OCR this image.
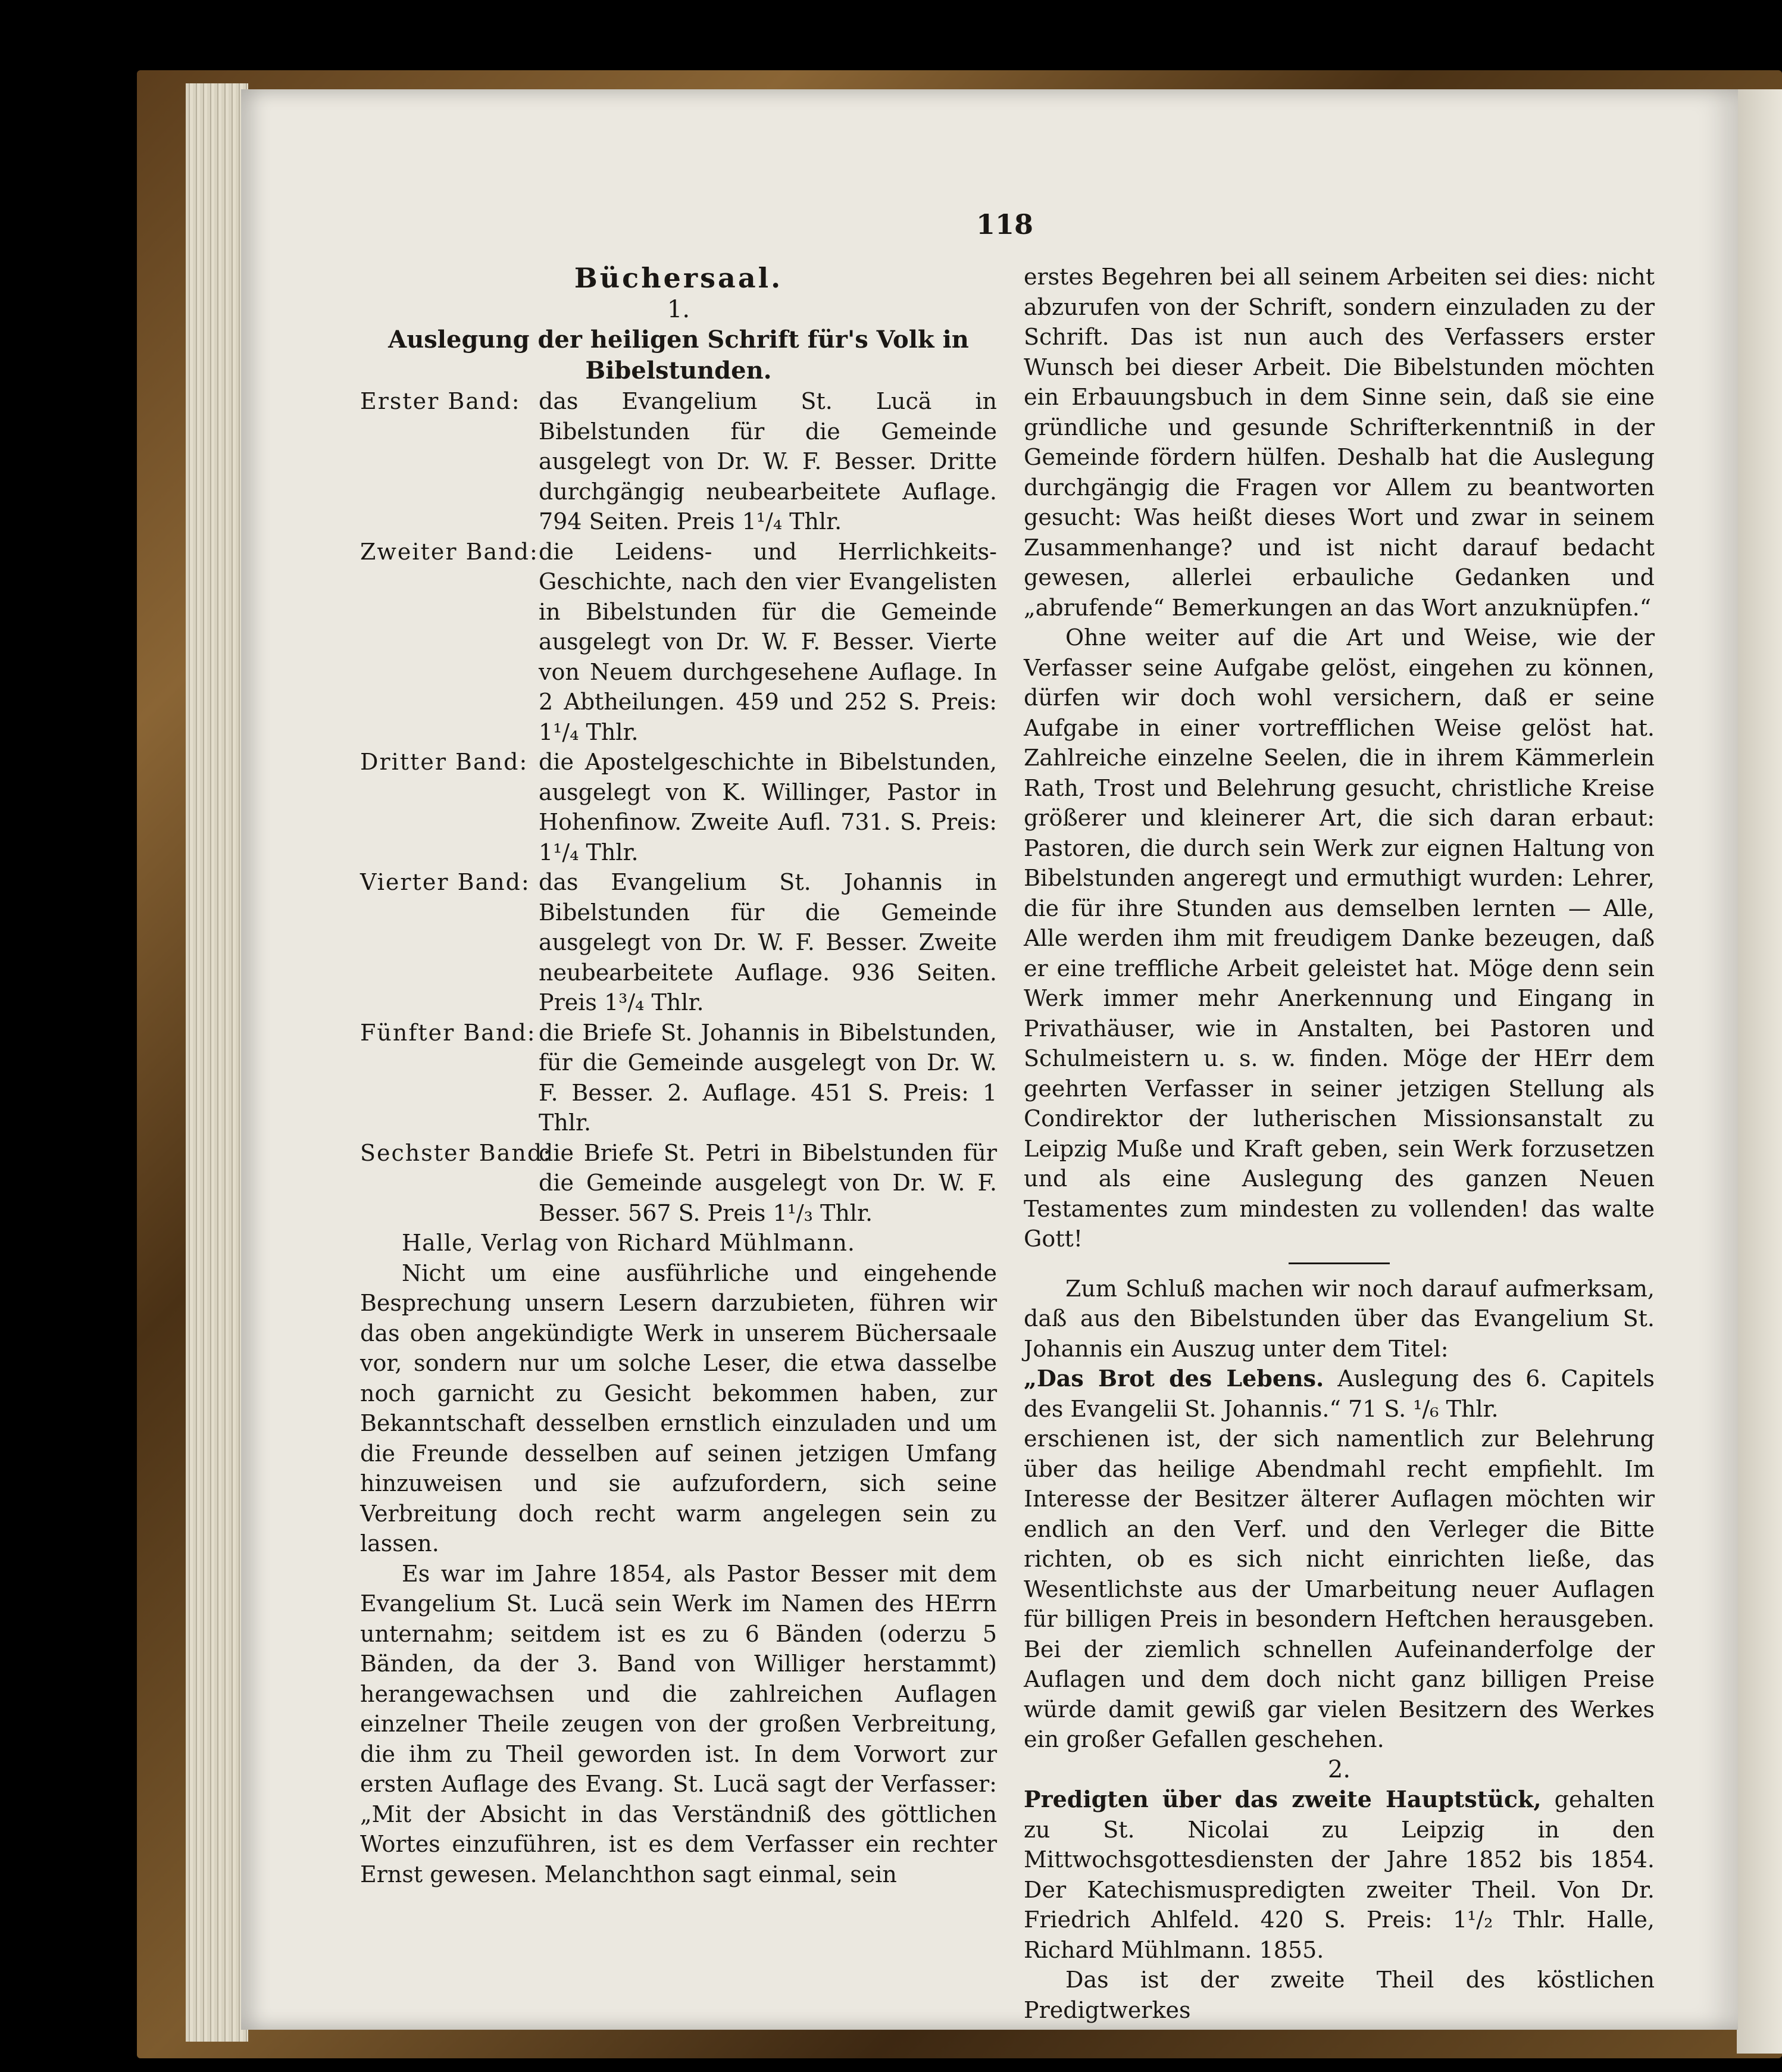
118
Büchersaal.
1.
Auslegung der heiligen Schrift für's Volk in Bibelstunden.
Erster Band: das Evangelium St. Lucä in Bibelstunden für die Gemeinde ausgelegt von Dr. W. F. Besser. Dritte durchgängig neubearbeitete Auflage. 794 Seiten. Preis 1¹/₄ Thlr.
Zweiter Band: die Leidens- und Herrlichkeits-Geschichte, nach den vier Evangelisten in Bibelstunden für die Gemeinde ausgelegt von Dr. W. F. Besser. Vierte von Neuem durchgesehene Auflage. In 2 Abtheilungen. 459 und 252 S. Preis: 1¹/₄ Thlr.
Dritter Band: die Apostelgeschichte in Bibelstunden, ausgelegt von K. Willinger, Pastor in Hohenfinow. Zweite Aufl. 731. S. Preis: 1¹/₄ Thlr.
Vierter Band: das Evangelium St. Johannis in Bibelstunden für die Gemeinde ausgelegt von Dr. W. F. Besser. Zweite neubearbeitete Auflage. 936 Seiten. Preis 1³/₄ Thlr.
Fünfter Band: die Briefe St. Johannis in Bibelstunden, für die Gemeinde ausgelegt von Dr. W. F. Besser. 2. Auflage. 451 S. Preis: 1 Thlr.
Sechster Band:
die Briefe St. Petri in Bibelstunden für die Gemeinde ausgelegt von Dr. W. F. Besser. 567 S. Preis 1¹/₃ Thlr.
Halle, Verlag von Richard Mühlmann.

Nicht um eine ausführliche und eingehende Besprechung unsern Lesern darzubieten, führen wir das oben angekündigte Werk in unserem Büchersaale vor, sondern nur um solche Leser, die etwa dasselbe noch garnicht zu Gesicht bekommen haben, zur Bekanntschaft desselben ernstlich einzuladen und um die Freunde desselben auf seinen jetzigen Umfang hinzuweisen und sie aufzufordern, sich seine Verbreitung doch recht warm angelegen sein zu lassen.

Es war im Jahre 1854, als Pastor Besser mit dem Evangelium St. Lucä sein Werk im Namen des HErrn unternahm; seitdem ist es zu 6 Bänden (oderzu 5 Bänden, da der 3. Band von Williger herstammt) herangewachsen und die zahlreichen Auflagen einzelner Theile zeugen von der großen Verbreitung, die ihm zu Theil geworden ist. In dem Vorwort zur ersten Auflage des Evang. St. Lucä sagt der Verfasser: „Mit der Absicht in das Verständniß des göttlichen Wortes einzuführen, ist es dem Verfasser ein rechter Ernst gewesen. Melanchthon sagt einmal, sein

erstes Begehren bei all seinem Arbeiten sei dies: nicht abzurufen von der Schrift, sondern einzuladen zu der Schrift. Das ist nun auch des Verfassers erster Wunsch bei dieser Arbeit. Die Bibelstunden möchten ein Erbauungsbuch in dem Sinne sein, daß sie eine gründliche und gesunde Schrifterkenntniß in der Gemeinde fördern hülfen. Deshalb hat die Auslegung durchgängig die Fragen vor Allem zu beantworten gesucht: Was heißt dieses Wort und zwar in seinem Zusammenhange? und ist nicht darauf bedacht gewesen, allerlei erbauliche Gedanken und „abrufende“ Bemerkungen an das Wort anzuknüpfen.“

Ohne weiter auf die Art und Weise, wie der Verfasser seine Aufgabe gelöst, eingehen zu können, dürfen wir doch wohl versichern, daß er seine Aufgabe in einer vortrefflichen Weise gelöst hat. Zahlreiche einzelne Seelen, die in ihrem Kämmerlein Rath, Trost und Belehrung gesucht, christliche Kreise größerer und kleinerer Art, die sich daran erbaut: Pastoren, die durch sein Werk zur eignen Haltung von Bibelstunden angeregt und ermuthigt wurden: Lehrer, die für ihre Stunden aus demselben lernten — Alle, Alle werden ihm mit freudigem Danke bezeugen, daß er eine treffliche Arbeit geleistet hat. Möge denn sein Werk immer mehr Anerkennung und Eingang in Privathäuser, wie in Anstalten, bei Pastoren und Schulmeistern u. s. w. finden. Möge der HErr dem geehrten Verfasser in seiner jetzigen Stellung als Condirektor der lutherischen Missionsanstalt zu Leipzig Muße und Kraft geben, sein Werk forzusetzen und als eine Auslegung des ganzen Neuen Testamentes zum mindesten zu vollenden! das walte Gott!

Zum Schluß machen wir noch darauf aufmerksam, daß aus den Bibelstunden über das Evangelium St. Johannis ein Auszug unter dem Titel:

„Das Brot des Lebens. Auslegung des 6. Capitels des Evangelii St. Johannis.“ 71 S. ¹/₆ Thlr.

erschienen ist, der sich namentlich zur Belehrung über das heilige Abendmahl recht empfiehlt. Im Interesse der Besitzer älterer Auflagen möchten wir endlich an den Verf. und den Verleger die Bitte richten, ob es sich nicht einrichten ließe, das Wesentlichste aus der Umarbeitung neuer Auflagen für billigen Preis in besondern Heftchen herausgeben. Bei der ziemlich schnellen Aufeinanderfolge der Auflagen und dem doch nicht ganz billigen Preise würde damit gewiß gar vielen Besitzern des Werkes ein großer Gefallen geschehen.

2.

Predigten über das zweite Hauptstück, gehalten zu St. Nicolai zu Leipzig in den Mittwochsgottesdiensten der Jahre 1852 bis 1854. Der Katechismuspredigten zweiter Theil. Von Dr. Friedrich Ahlfeld. 420 S. Preis: 1¹/₂ Thlr. Halle, Richard Mühlmann. 1855.

Das ist der zweite Theil des köstlichen Predigtwerkes
